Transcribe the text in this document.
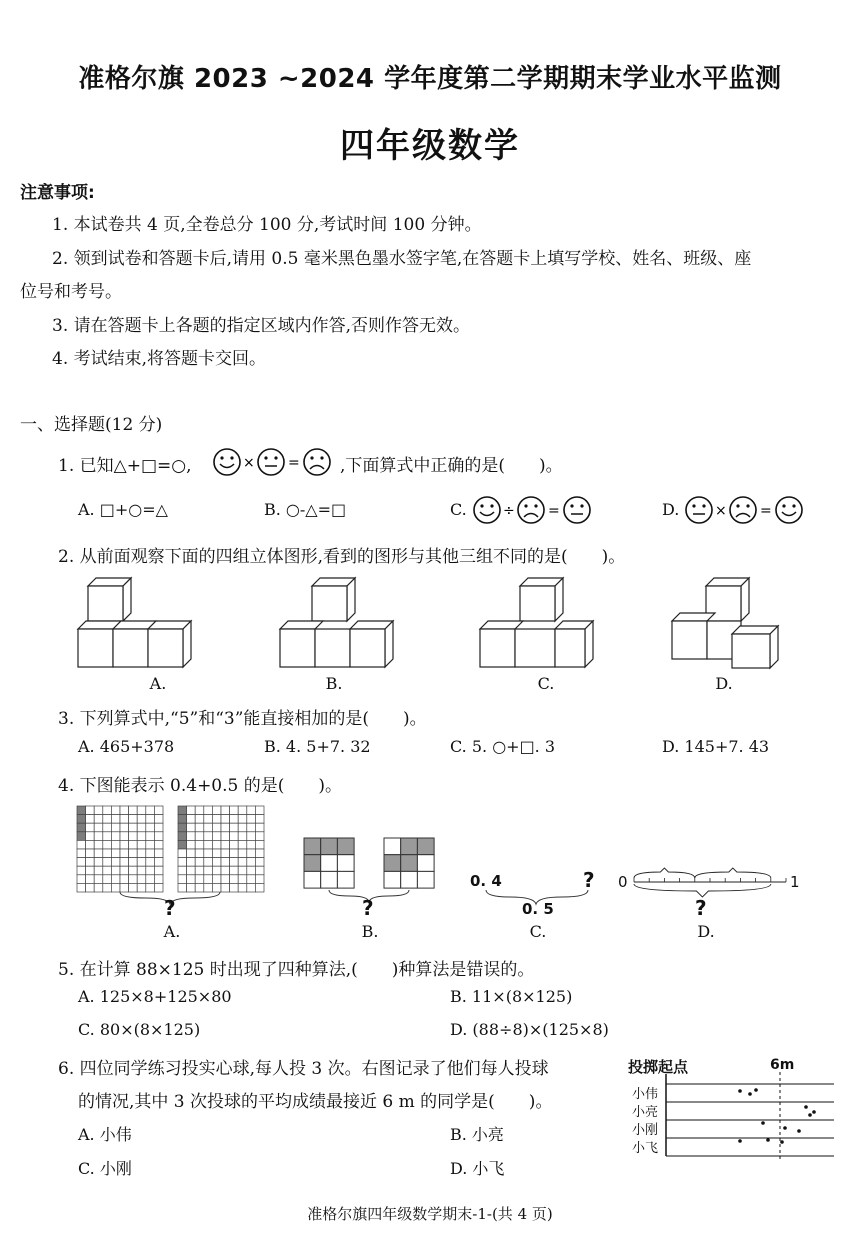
准格尔旗 2023 ~2024 学年度第二学期期末学业水平监测
四年级数学
注意事项:
1. 本试卷共 4 页,全卷总分 100 分,考试时间 100 分钟。
2. 领到试卷和答题卡后,请用 0.5 毫米黑色墨水签字笔,在答题卡上填写学校、姓名、班级、座
位号和考号。
3. 请在答题卡上各题的指定区域内作答,否则作答无效。
4. 考试结束,将答题卡交回。
一、选择题(12 分)
1. 已知△+□=○,	× = ,下面算式中正确的是(　　)。
A. □+○=△	B. ○-△=□	C.	÷ =	D.	× =
2. 从前面观察下面的四组立体图形,看到的图形与其他三组不同的是(　　)。
A.	B.	C.	D.
3. 下列算式中,“5”和“3”能直接相加的是(　　)。
A. 465+378	B. 4. 5+7. 32	C. 5. ○+□. 3	D. 145+7. 43
4. 下图能表示 0.4+0.5 的是(　　)。
?
A.
?
B.
0. 4	?
0. 5
C.
0	1
?
D.
5. 在计算 88×125 时出现了四种算法,(　　)种算法是错误的。
A. 125×8+125×80	B. 11×(8×125)
C. 80×(8×125)	D. (88÷8)×(125×8)
6. 四位同学练习投实心球,每人投 3 次。右图记录了他们每人投球
的情况,其中 3 次投球的平均成绩最接近 6 m 的同学是(　　)。
A. 小伟	B. 小亮
C. 小刚	D. 小飞
投掷起点	6m
小伟
小亮
小刚
小飞
准格尔旗四年级数学期末-1-(共 4 页)
